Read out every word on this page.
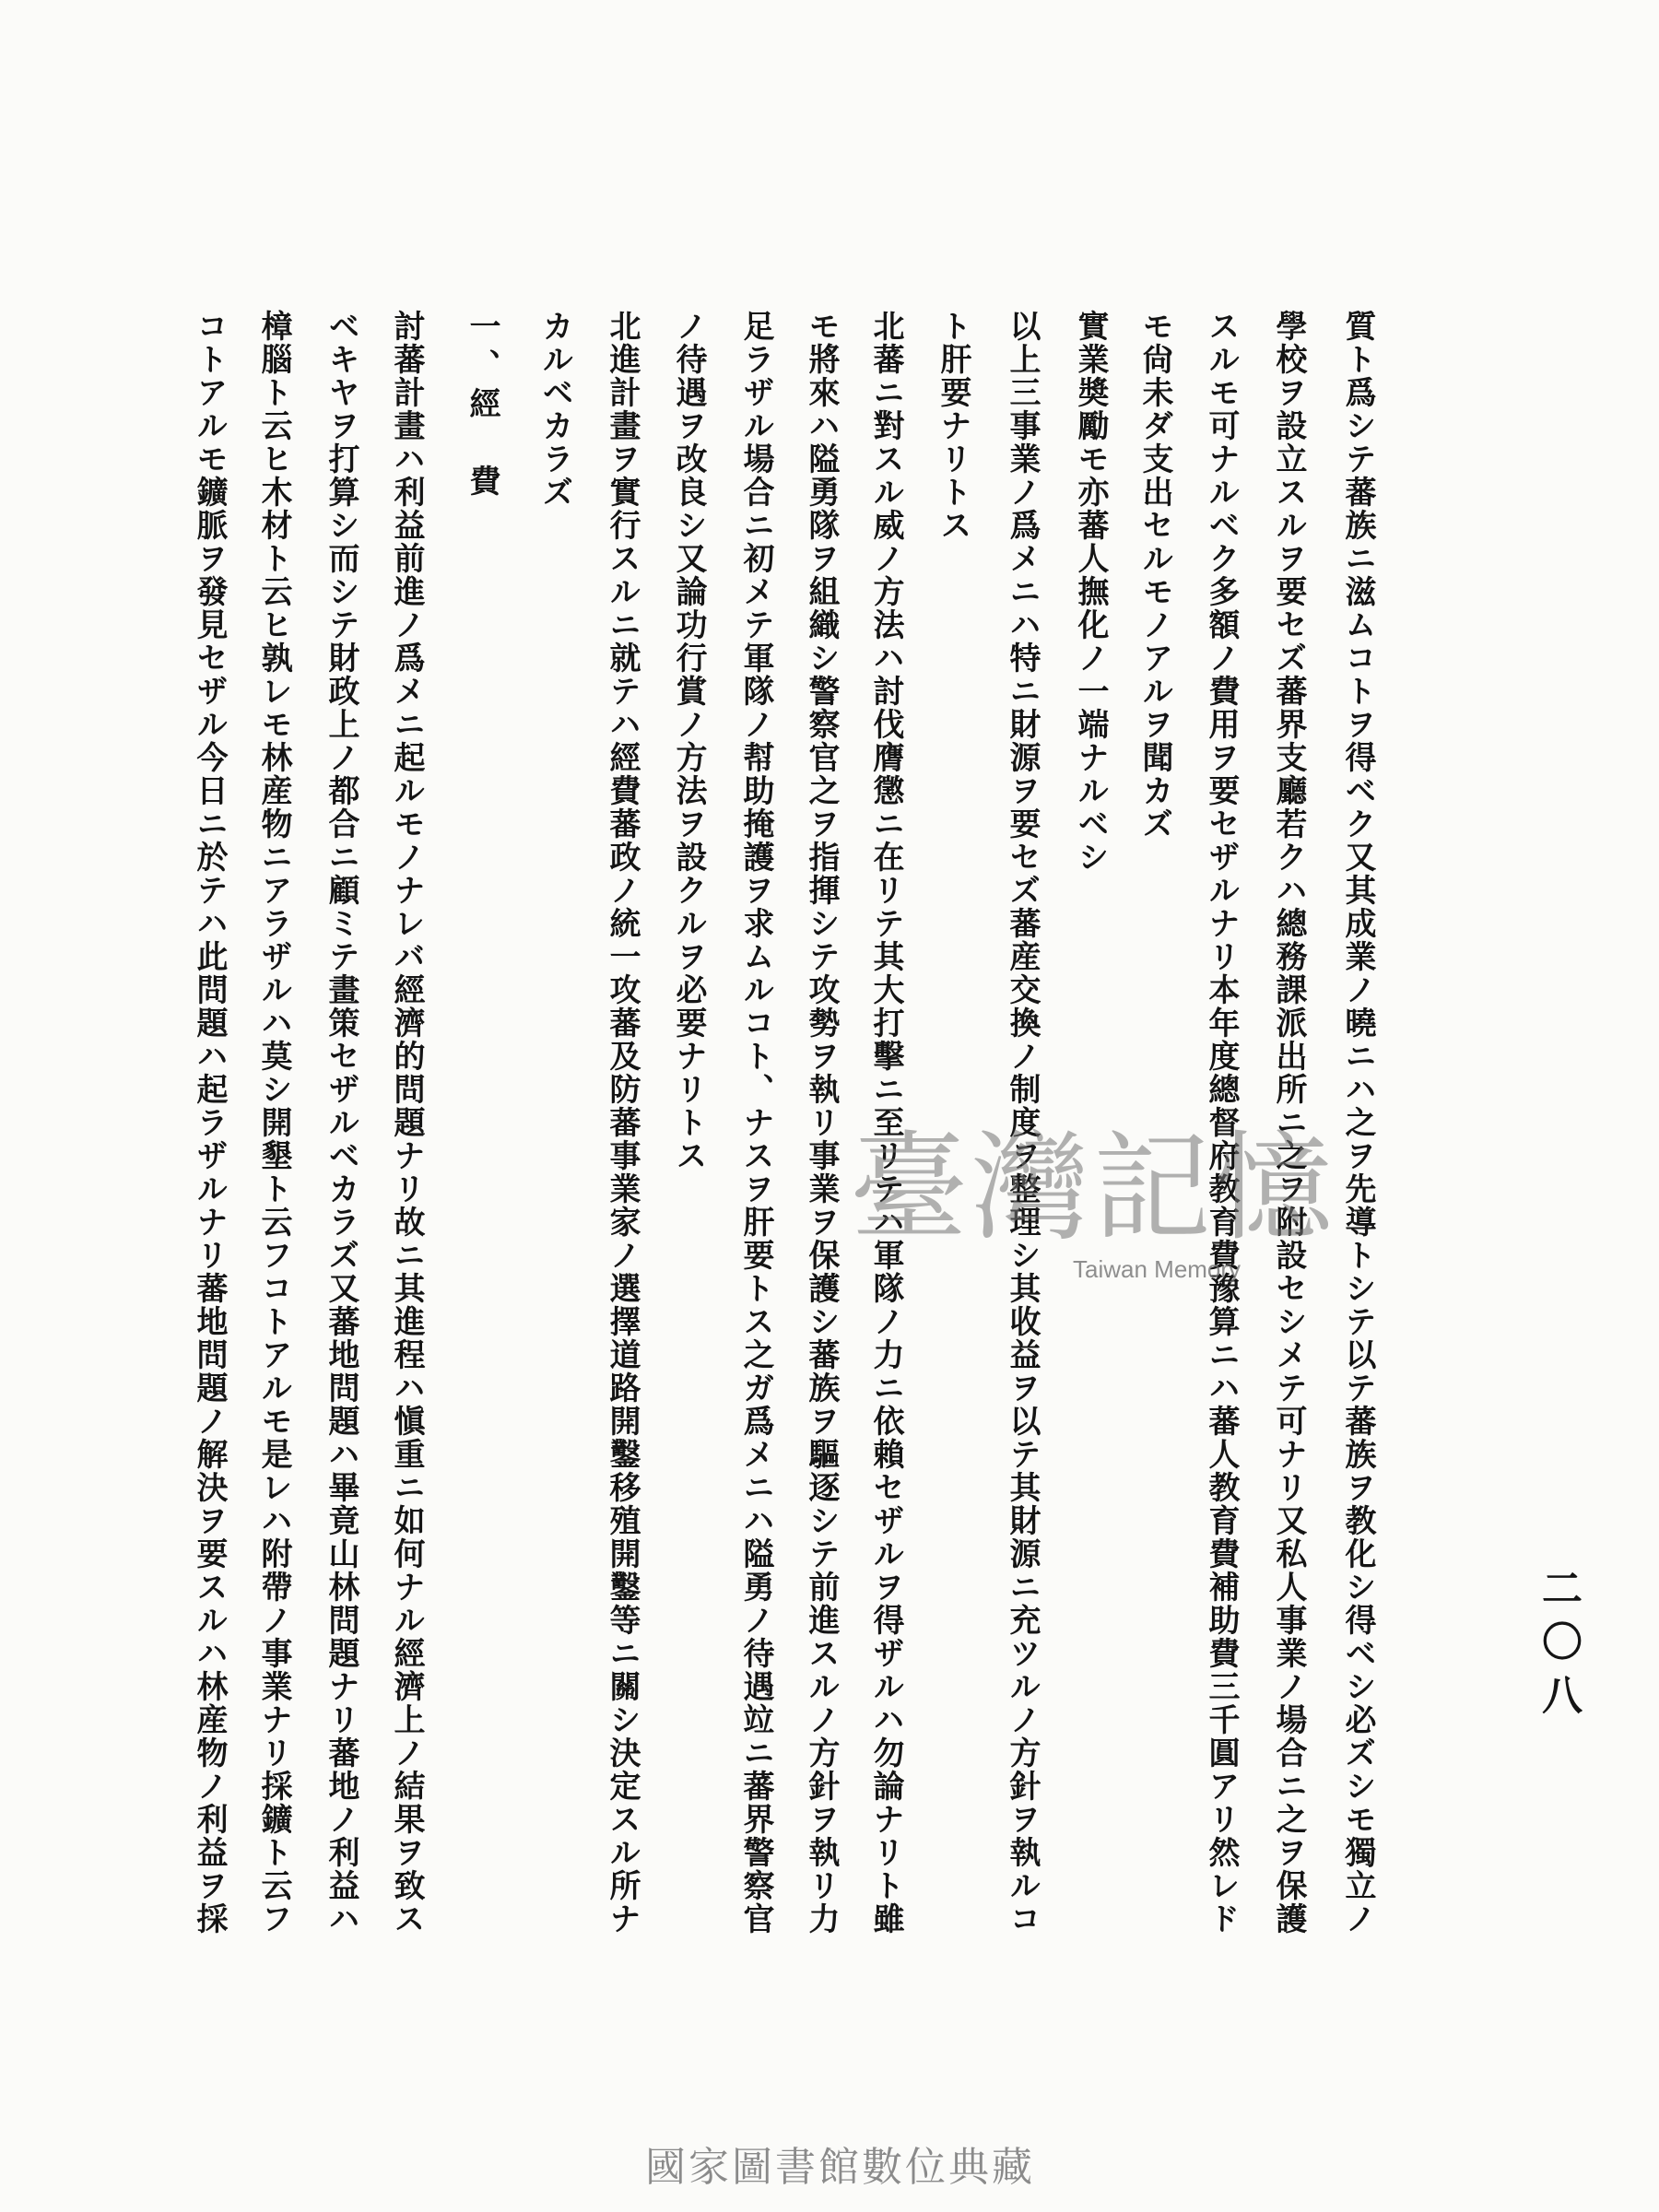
二〇八
質ト爲シテ蕃族ニ滋ムコトヲ得ベク又其成業ノ曉ニハ之ヲ先導トシテ以テ蕃族ヲ教化シ得ベシ必ズシモ獨立ノ
學校ヲ設立スルヲ要セズ蕃界支廳若クハ總務課派出所ニ之ヲ附設セシメテ可ナリ又私人事業ノ場合ニ之ヲ保護
スルモ可ナルベク多額ノ費用ヲ要セザルナリ本年度總督府教育費豫算ニハ蕃人教育費補助費三千圓アリ然レド
モ尙未ダ支出セルモノアルヲ聞カズ
實業奬勵モ亦蕃人撫化ノ一端ナルベシ
以上三事業ノ爲メニハ特ニ財源ヲ要セズ蕃産交換ノ制度ヲ整理シ其收益ヲ以テ其財源ニ充ツルノ方針ヲ執ルコ
ト肝要ナリトス
北蕃ニ對スル威ノ方法ハ討伐膺懲ニ在リテ其大打擊ニ至リテハ軍隊ノ力ニ依賴セザルヲ得ザルハ勿論ナリト雖
モ將來ハ隘勇隊ヲ組織シ警察官之ヲ指揮シテ攻勢ヲ執リ事業ヲ保護シ蕃族ヲ驅逐シテ前進スルノ方針ヲ執リ力
足ラザル場合ニ初メテ軍隊ノ幇助掩護ヲ求ムルコト、ナスヲ肝要トス之ガ爲メニハ隘勇ノ待遇竝ニ蕃界警察官
ノ待遇ヲ改良シ又論功行賞ノ方法ヲ設クルヲ必要ナリトス
北進計畫ヲ實行スルニ就テハ經費蕃政ノ統一攻蕃及防蕃事業家ノ選擇道路開鑿移殖開鑿等ニ關シ決定スル所ナ
カルベカラズ
一、經　費
討蕃計畫ハ利益前進ノ爲メニ起ルモノナレバ經濟的問題ナリ故ニ其進程ハ愼重ニ如何ナル經濟上ノ結果ヲ致ス
ベキヤヲ打算シ而シテ財政上ノ都合ニ顧ミテ畫策セザルベカラズ又蕃地問題ハ畢竟山林問題ナリ蕃地ノ利益ハ
樟腦ト云ヒ木材ト云ヒ孰レモ林産物ニアラザルハ莫シ開墾ト云フコトアルモ是レハ附帶ノ事業ナリ採鑛ト云フ
コトアルモ鑛脈ヲ發見セザル今日ニ於テハ此問題ハ起ラザルナリ蕃地問題ノ解決ヲ要スルハ林産物ノ利益ヲ採	臺灣記憶
Taiwan Memory
國家圖書館數位典藏
